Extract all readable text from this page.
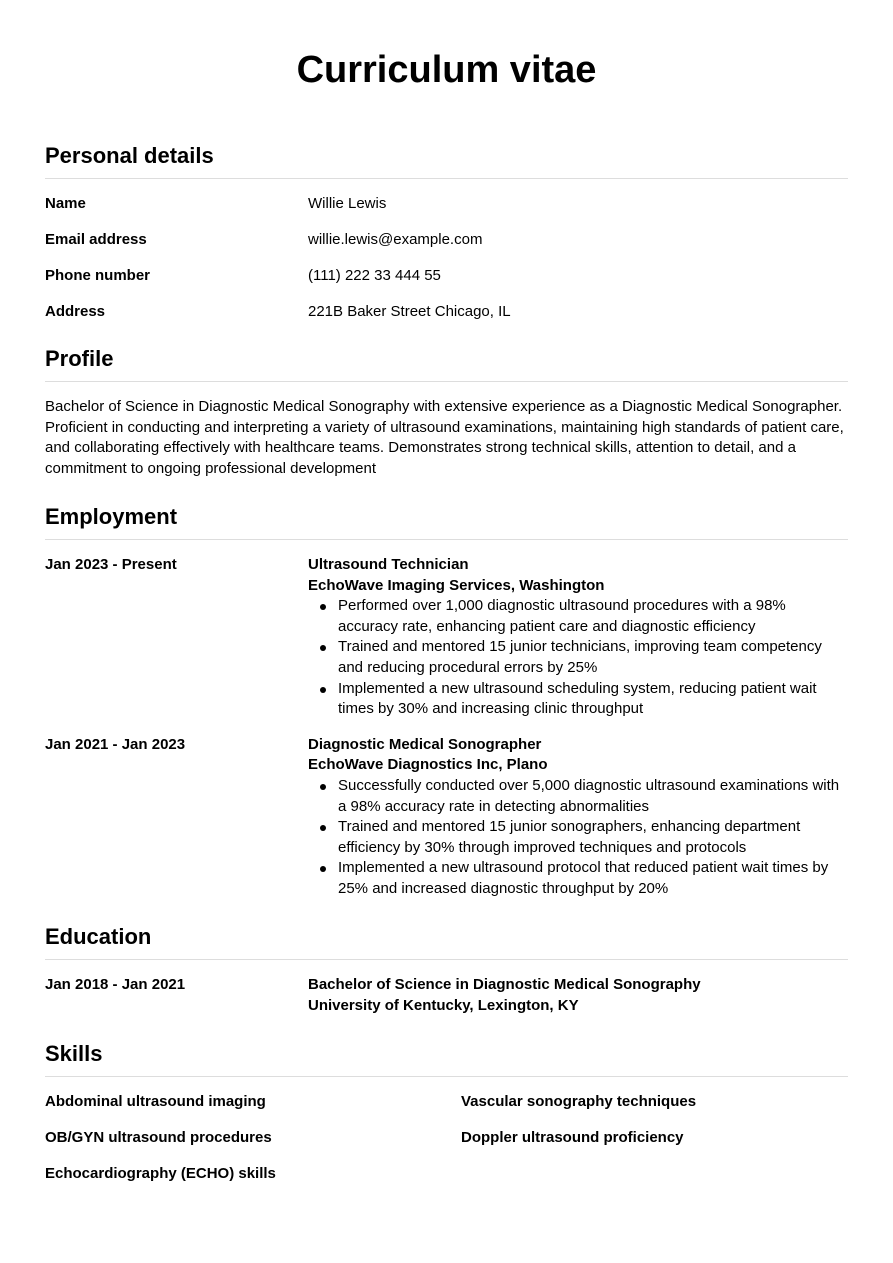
Curriculum vitae
Personal details
Name	Willie Lewis
Email address	willie.lewis@example.com
Phone number	(111) 222 33 444 55
Address	221B Baker Street Chicago, IL
Profile

Bachelor of Science in Diagnostic Medical Sonography with extensive experience as a Diagnostic Medical Sonographer. Proficient in conducting and interpreting a variety of ultrasound examinations, maintaining high standards of patient care, and collaborating effectively with healthcare teams. Demonstrates strong technical skills, attention to detail, and a commitment to ongoing professional development

Employment
Jan 2023 - Present	Ultrasound Technician
EchoWave Imaging Services, Washington
Performed over 1,000 diagnostic ultrasound procedures with a 98% accuracy rate, enhancing patient care and diagnostic efficiency
Trained and mentored 15 junior technicians, improving team competency and reducing procedural errors by 25%
Implemented a new ultrasound scheduling system, reducing patient wait times by 30% and increasing clinic throughput
Jan 2021 - Jan 2023	Diagnostic Medical Sonographer
EchoWave Diagnostics Inc, Plano
Successfully conducted over 5,000 diagnostic ultrasound examinations with a 98% accuracy rate in detecting abnormalities
Trained and mentored 15 junior sonographers, enhancing department efficiency by 30% through improved techniques and protocols
Implemented a new ultrasound protocol that reduced patient wait times by 25% and increased diagnostic throughput by 20%
Education
Jan 2018 - Jan 2021	Bachelor of Science in Diagnostic Medical Sonography
University of Kentucky, Lexington, KY
Skills
Abdominal ultrasound imaging	Vascular sonography techniques
OB/GYN ultrasound procedures	Doppler ultrasound proficiency
Echocardiography (ECHO) skills
